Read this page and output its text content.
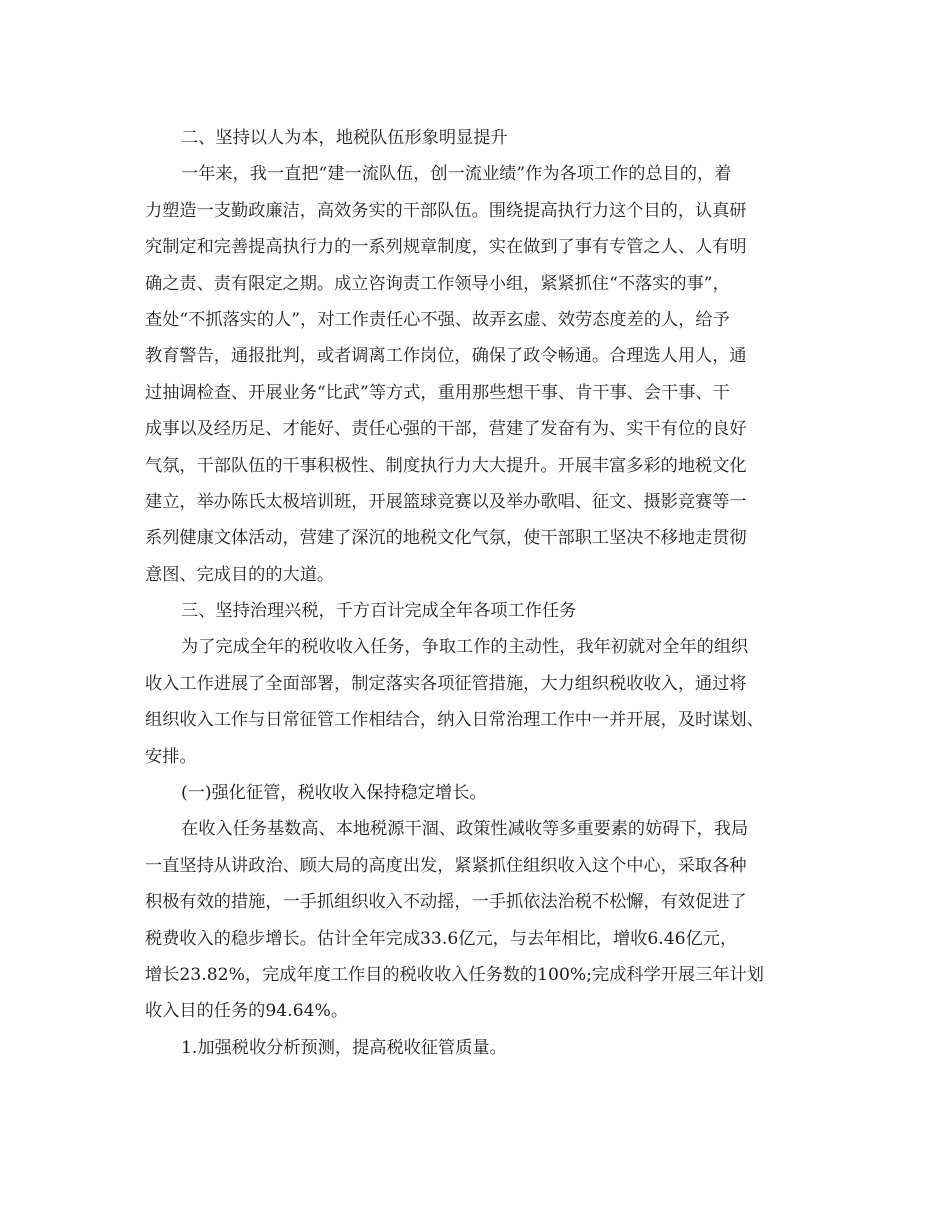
二、坚持以人为本，地税队伍形象明显提升

一年来，我一直把“建一流队伍，创一流业绩”作为各项工作的总目的，着
力塑造一支勤政廉洁，高效务实的干部队伍。围绕提高执行力这个目的，认真研
究制定和完善提高执行力的一系列规章制度，实在做到了事有专管之人、人有明
确之责、责有限定之期。成立咨询责工作领导小组，紧紧抓住“不落实的事”，
查处“不抓落实的人”，对工作责任心不强、故弄玄虚、效劳态度差的人，给予
教育警告，通报批判，或者调离工作岗位，确保了政令畅通。合理选人用人，通
过抽调检查、开展业务“比武”等方式，重用那些想干事、肯干事、会干事、干
成事以及经历足、才能好、责任心强的干部，营建了发奋有为、实干有位的良好
气氛，干部队伍的干事积极性、制度执行力大大提升。开展丰富多彩的地税文化
建立，举办陈氏太极培训班，开展篮球竞赛以及举办歌唱、征文、摄影竞赛等一
系列健康文体活动，营建了深沉的地税文化气氛，使干部职工坚决不移地走贯彻
意图、完成目的的大道。

三、坚持治理兴税，千方百计完成全年各项工作任务

为了完成全年的税收收入任务，争取工作的主动性，我年初就对全年的组织
收入工作进展了全面部署，制定落实各项征管措施，大力组织税收收入，通过将
组织收入工作与日常征管工作相结合，纳入日常治理工作中一并开展，及时谋划、
安排。

(一)强化征管，税收收入保持稳定增长。

在收入任务基数高、本地税源干涸、政策性减收等多重要素的妨碍下，我局
一直坚持从讲政治、顾大局的高度出发，紧紧抓住组织收入这个中心，采取各种
积极有效的措施，一手抓组织收入不动摇，一手抓依法治税不松懈，有效促进了
税费收入的稳步增长。估计全年完成33.6亿元，与去年相比，增收6.46亿元，
增长23.82%，完成年度工作目的税收收入任务数的100%;完成科学开展三年计划
收入目的任务的94.64%。

1.加强税收分析预测，提高税收征管质量。
